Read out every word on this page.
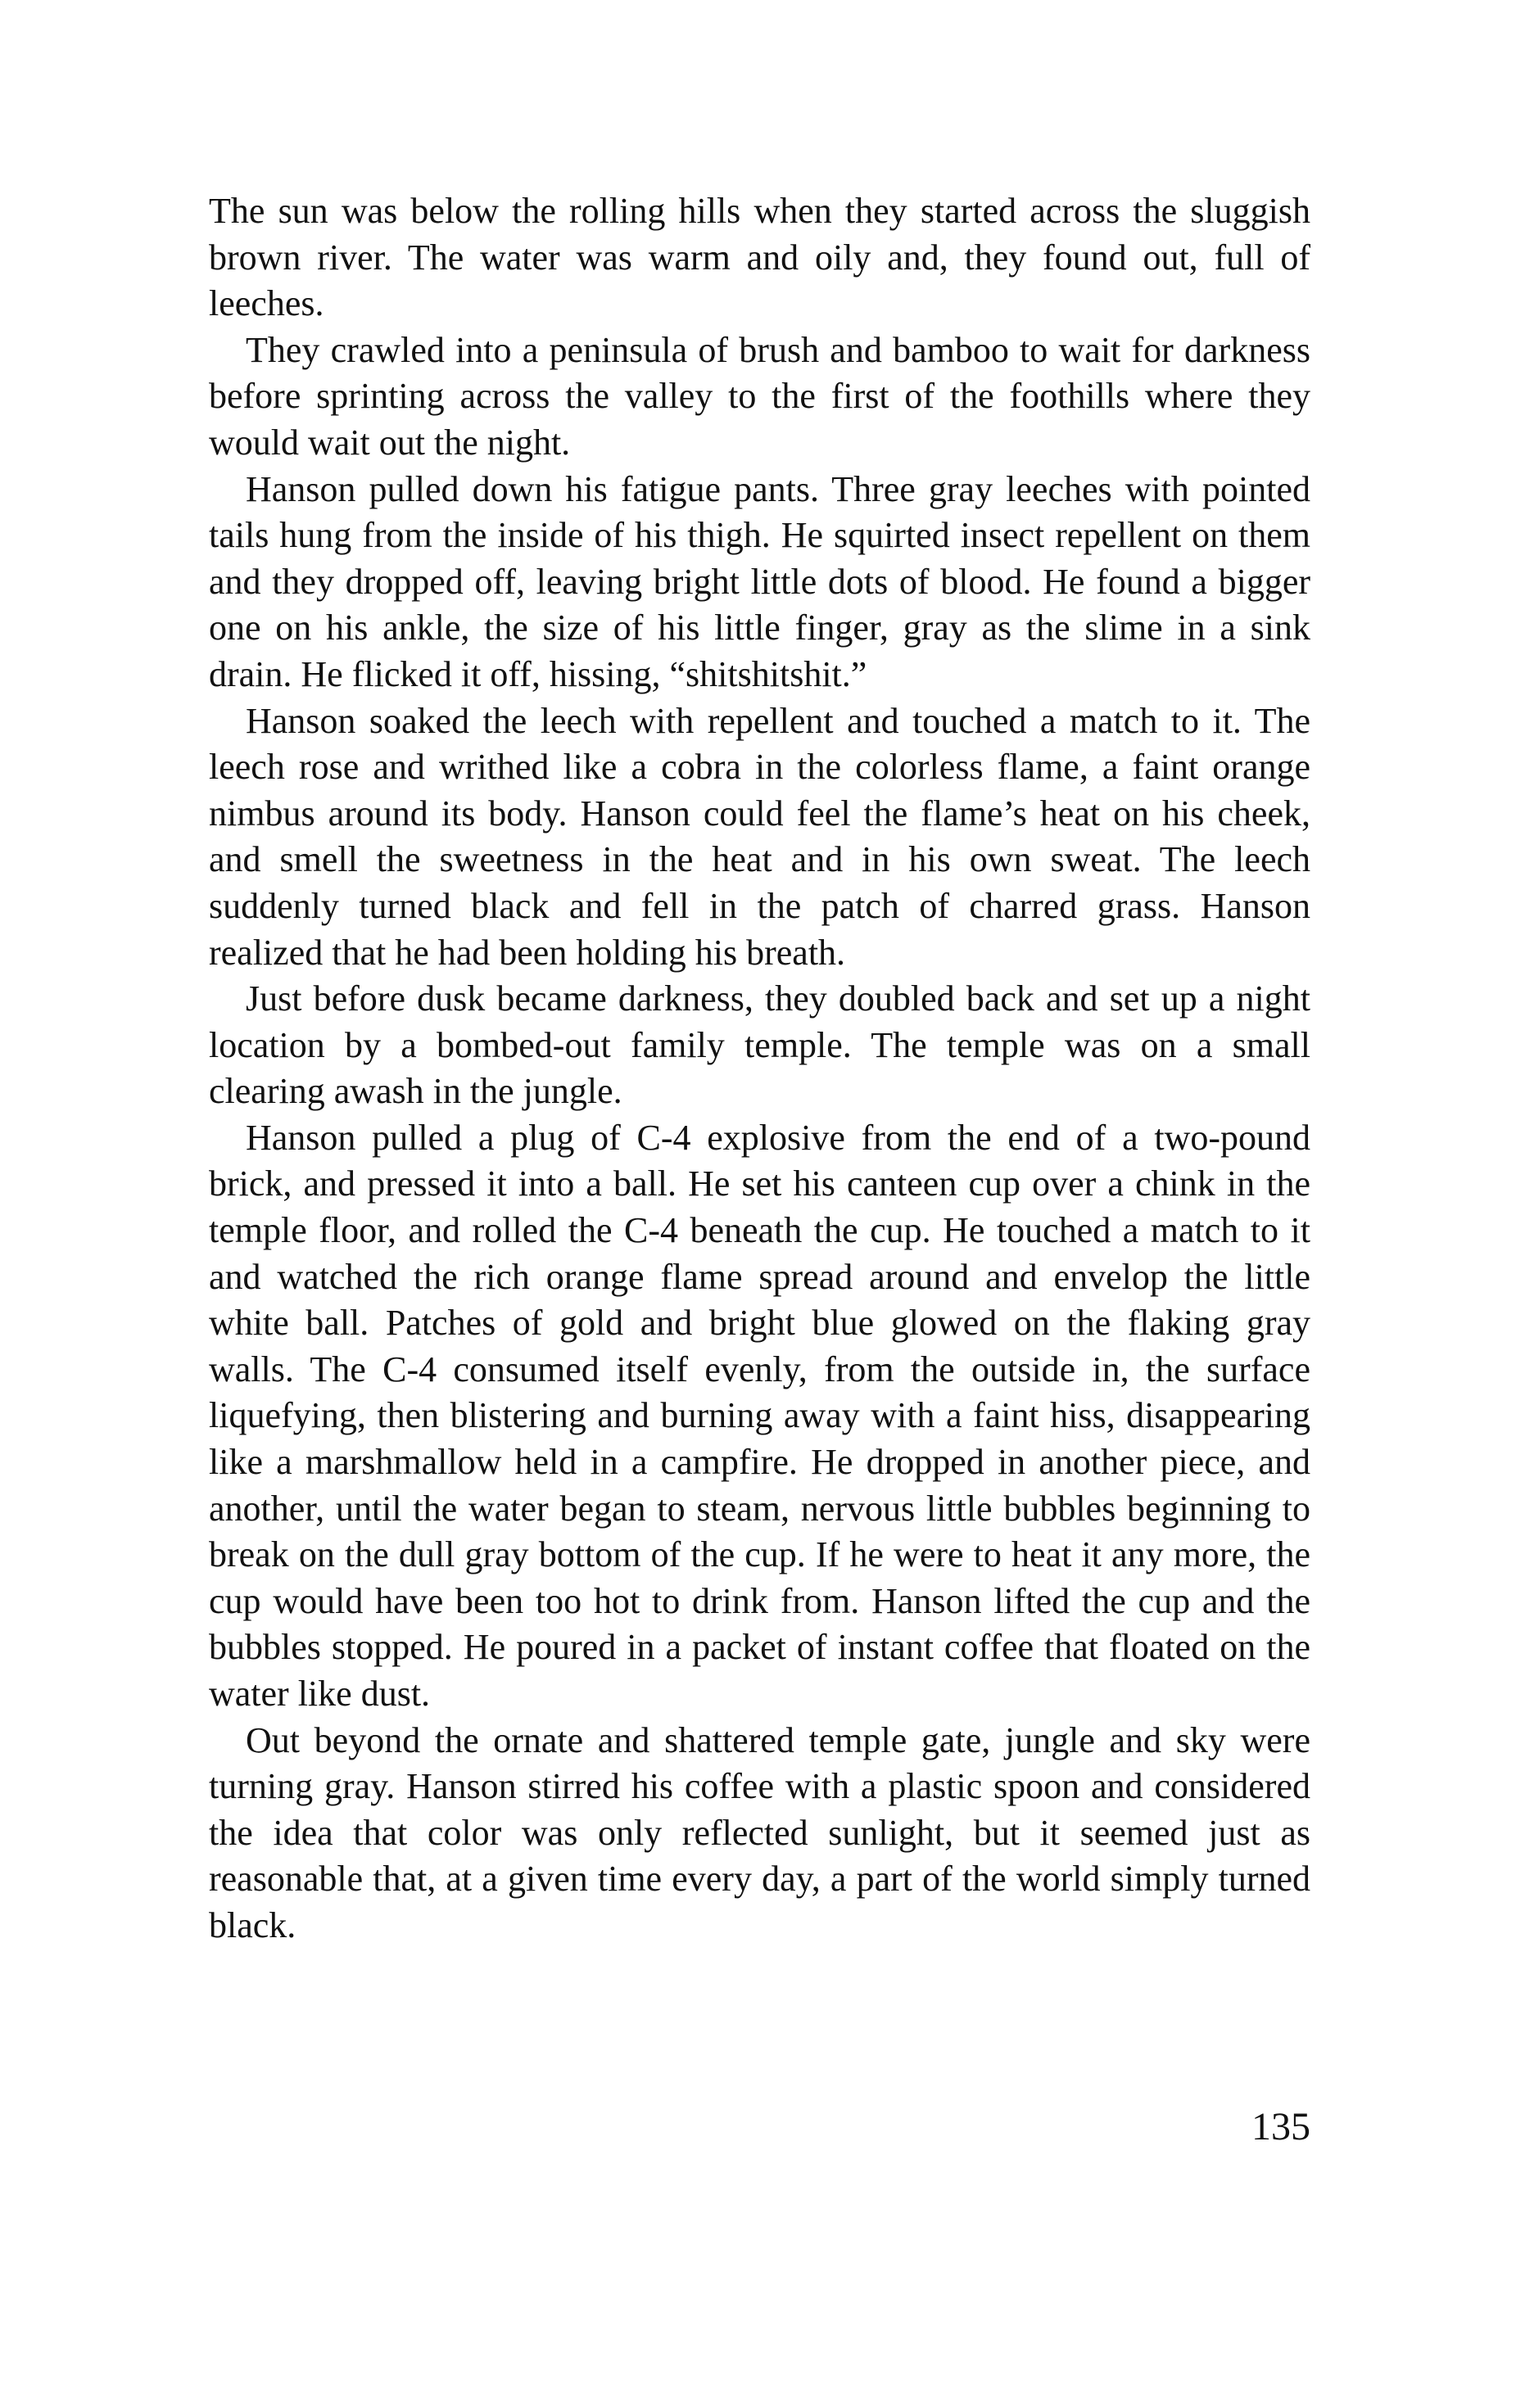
The sun was below the rolling hills when they started across the sluggish brown river. The water was warm and oily and, they found out, full of leeches.

They crawled into a peninsula of brush and bamboo to wait for darkness before sprinting across the valley to the first of the foothills where they would wait out the night.

Hanson pulled down his fatigue pants. Three gray leeches with pointed tails hung from the inside of his thigh. He squirted insect repellent on them and they dropped off, leaving bright little dots of blood. He found a bigger one on his ankle, the size of his little finger, gray as the slime in a sink drain. He flicked it off, hissing, “shitshitshit.”

Hanson soaked the leech with repellent and touched a match to it. The leech rose and writhed like a cobra in the colorless flame, a faint orange nimbus around its body. Hanson could feel the flame’s heat on his cheek, and smell the sweetness in the heat and in his own sweat. The leech suddenly turned black and fell in the patch of charred grass. Hanson realized that he had been holding his breath.

Just before dusk became darkness, they doubled back and set up a night location by a bombed-out family temple. The temple was on a small clearing awash in the jungle.

Hanson pulled a plug of C-4 explosive from the end of a two-pound brick, and pressed it into a ball. He set his canteen cup over a chink in the temple floor, and rolled the C-4 beneath the cup. He touched a match to it and watched the rich orange flame spread around and envelop the little white ball. Patches of gold and bright blue glowed on the flaking gray walls. The C-4 consumed itself evenly, from the outside in, the surface liquefying, then blistering and burning away with a faint hiss, disappearing like a marshmallow held in a campfire. He dropped in another piece, and another, until the water began to steam, nervous little bubbles beginning to break on the dull gray bottom of the cup. If he were to heat it any more, the cup would have been too hot to drink from. Hanson lifted the cup and the bubbles stopped. He poured in a packet of instant coffee that floated on the water like dust.

Out beyond the ornate and shattered temple gate, jungle and sky were turning gray. Hanson stirred his coffee with a plastic spoon and considered the idea that color was only reflected sunlight, but it seemed just as reasonable that, at a given time every day, a part of the world simply turned black.

135
